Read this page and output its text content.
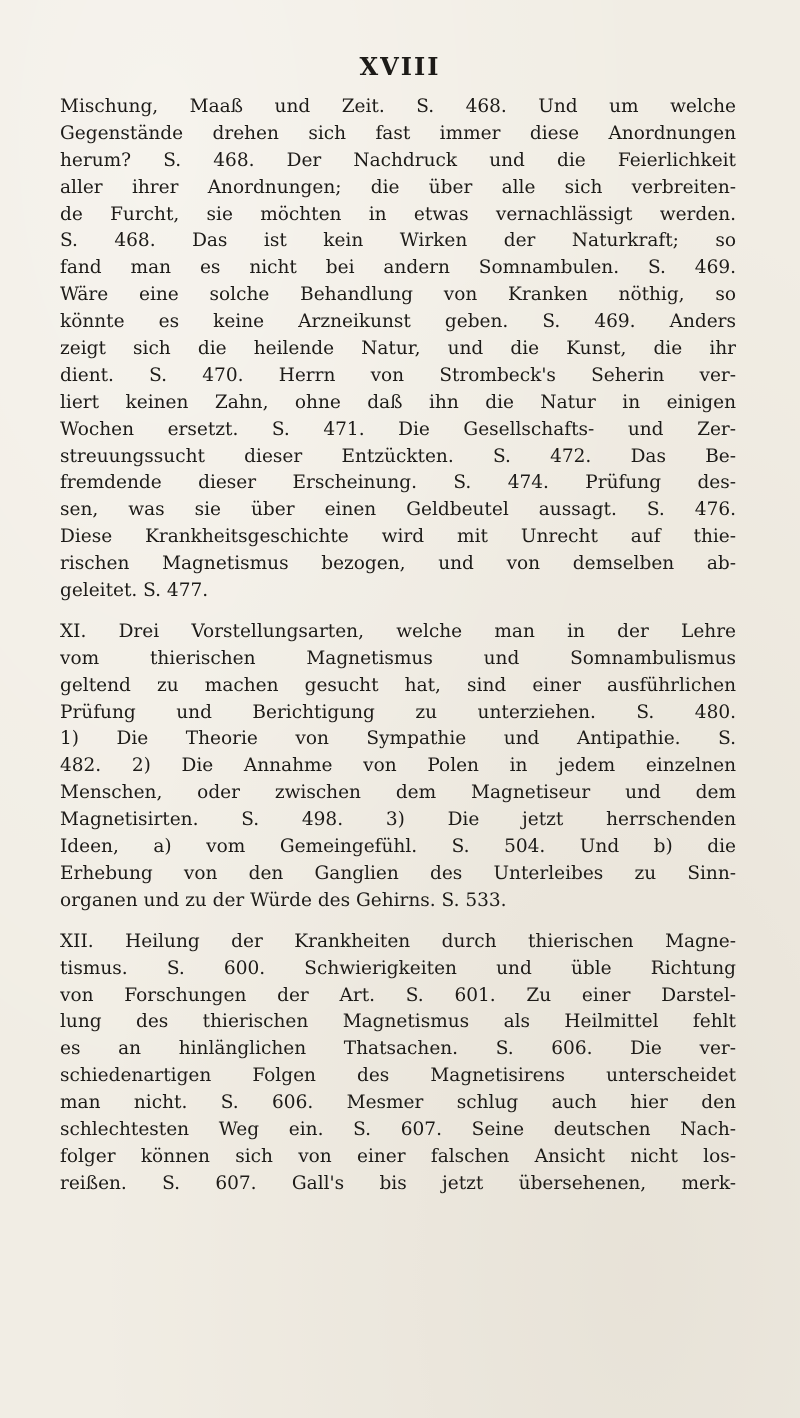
XVIII
Mischung, Maaß und Zeit. S. 468. Und um welche
Gegenstände drehen sich fast immer diese Anordnungen
herum? S. 468. Der Nachdruck und die Feierlichkeit
aller ihrer Anordnungen; die über alle sich verbreiten-
de Furcht, sie möchten in etwas vernachlässigt werden.
S. 468. Das ist kein Wirken der Naturkraft; so
fand man es nicht bei andern Somnambulen. S. 469.
Wäre eine solche Behandlung von Kranken nöthig, so
könnte es keine Arzneikunst geben. S. 469. Anders
zeigt sich die heilende Natur, und die Kunst, die ihr
dient. S. 470. Herrn von Strombeck's Seherin ver-
liert keinen Zahn, ohne daß ihn die Natur in einigen
Wochen ersetzt. S. 471. Die Gesellschafts- und Zer-
streuungssucht dieser Entzückten. S. 472. Das Be-
fremdende dieser Erscheinung. S. 474. Prüfung des-
sen, was sie über einen Geldbeutel aussagt. S. 476.
Diese Krankheitsgeschichte wird mit Unrecht auf thie-
rischen Magnetismus bezogen, und von demselben ab-
geleitet. S. 477.
XI. Drei Vorstellungsarten, welche man in der Lehre
vom thierischen Magnetismus und Somnambulismus
geltend zu machen gesucht hat, sind einer ausführlichen
Prüfung und Berichtigung zu unterziehen. S. 480.
1) Die Theorie von Sympathie und Antipathie. S.
482. 2) Die Annahme von Polen in jedem einzelnen
Menschen, oder zwischen dem Magnetiseur und dem
Magnetisirten. S. 498. 3) Die jetzt herrschenden
Ideen, a) vom Gemeingefühl. S. 504. Und b) die
Erhebung von den Ganglien des Unterleibes zu Sinn-
organen und zu der Würde des Gehirns. S. 533.
XII. Heilung der Krankheiten durch thierischen Magne-
tismus. S. 600. Schwierigkeiten und üble Richtung
von Forschungen der Art. S. 601. Zu einer Darstel-
lung des thierischen Magnetismus als Heilmittel fehlt
es an hinlänglichen Thatsachen. S. 606. Die ver-
schiedenartigen Folgen des Magnetisirens unterscheidet
man nicht. S. 606. Mesmer schlug auch hier den
schlechtesten Weg ein. S. 607. Seine deutschen Nach-
folger können sich von einer falschen Ansicht nicht los-
reißen. S. 607. Gall's bis jetzt übersehenen, merk-
